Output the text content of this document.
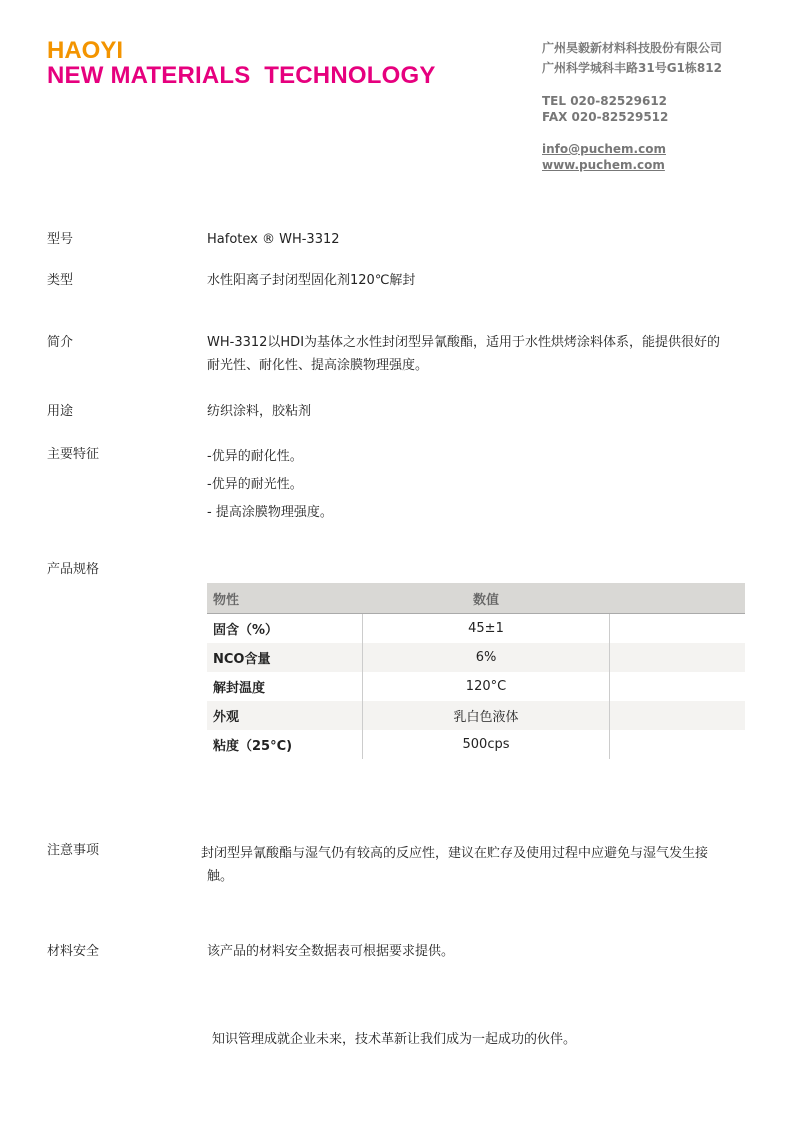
HAOYI
NEW MATERIALS  TECHNOLOGY
广州昊毅新材料科技股份有限公司
广州科学城科丰路31号G1栋812
TEL 020-82529612
FAX 020-82529512
info@puchem.com
www.puchem.com
型号	Hafotex ® WH-3312
类型	水性阳离子封闭型固化剂120℃解封
简介	WH-3312以HDI为基体之水性封闭型异氰酸酯，适用于水性烘烤涂料体系，能提供很好的
耐光性、耐化性、提高涂膜物理强度。
用途	纺织涂料，胶粘剂
主要特征	-优异的耐化性。
-优异的耐光性。
- 提高涂膜物理强度。
产品规格
物性	数值	
固含（%）	45±1	
NCO含量	6%	
解封温度	120°C	
外观	乳白色液体	
粘度（25°C)	500cps	
注意事项	封闭型异氰酸酯与湿气仍有较高的反应性，建议在贮存及使用过程中应避免与湿气发生接
触。
材料安全	该产品的材料安全数据表可根据要求提供。
知识管理成就企业未来，技术革新让我们成为一起成功的伙伴。
